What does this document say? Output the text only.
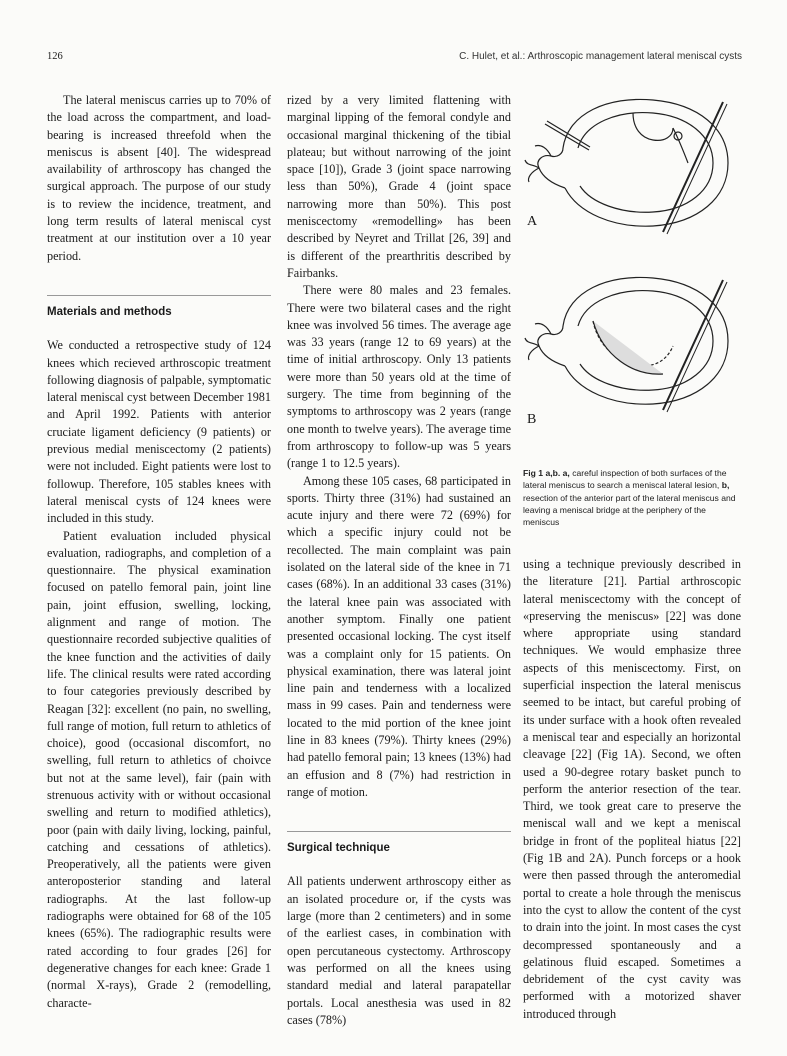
126	C. Hulet, et al.: Arthroscopic management lateral meniscal cysts

The lateral meniscus carries up to 70% of the load across the compartment, and load-bearing is increased threefold when the meniscus is absent [40]. The widespread availability of arthroscopy has changed the surgical approach. The purpose of our study is to review the incidence, treatment, and long term results of lateral meniscal cyst treatment at our institution over a 10 year period.

Materials and methods

We conducted a retrospective study of 124 knees which recieved arthroscopic treatment following diagnosis of palpable, symptomatic lateral meniscal cyst between December 1981 and April 1992. Patients with anterior cruciate ligament deficiency (9 patients) or previous medial meniscectomy (2 patients) were not included. Eight patients were lost to followup. Therefore, 105 stables knees with lateral meniscal cysts of 124 knees were included in this study.

Patient evaluation included physical evaluation, radiographs, and completion of a questionnaire. The physical examination focused on patello femoral pain, joint line pain, joint effusion, swelling, locking, alignment and range of motion. The questionnaire recorded subjective qualities of the knee function and the activities of daily life. The clinical results were rated according to four categories previously described by Reagan [32]: excellent (no pain, no swelling, full range of motion, full return to athletics of choice), good (occasional discomfort, no swelling, full return to athletics of choivce but not at the same level), fair (pain with strenuous activity with or without occasional swelling and return to modified athletics), poor (pain with daily living, locking, painful, catching and cessations of athletics). Preoperatively, all the patients were given anteroposterior standing and lateral radiographs. At the last follow-up radiographs were obtained for 68 of the 105 knees (65%). The radiographic results were rated according to four grades [26] for degenerative changes for each knee: Grade 1 (normal X-rays), Grade 2 (remodelling, characte-

rized by a very limited flattening with marginal lipping of the femoral condyle and occasional marginal thickening of the tibial plateau; but without narrowing of the joint space [10]), Grade 3 (joint space narrowing less than 50%), Grade 4 (joint space narrowing more than 50%). This post meniscectomy «remodelling» has been described by Neyret and Trillat [26, 39] and is different of the prearthritis described by Fairbanks.

There were 80 males and 23 females. There were two bilateral cases and the right knee was involved 56 times. The average age was 33 years (range 12 to 69 years) at the time of initial arthroscopy. Only 13 patients were more than 50 years old at the time of surgery. The time from beginning of the symptoms to arthroscopy was 2 years (range one month to twelve years). The average time from arthroscopy to follow-up was 5 years (range 1 to 12.5 years).

Among these 105 cases, 68 participated in sports. Thirty three (31%) had sustained an acute injury and there were 72 (69%) for which a specific injury could not be recollected. The main complaint was pain isolated on the lateral side of the knee in 71 cases (68%). In an additional 33 cases (31%) the lateral knee pain was associated with another symptom. Finally one patient presented occasional locking. The cyst itself was a complaint only for 15 patients. On physical examination, there was lateral joint line pain and tenderness with a localized mass in 99 cases. Pain and tenderness were located to the mid portion of the knee joint line in 83 knees (79%). Thirty knees (29%) had patello femoral pain; 13 knees (13%) had an effusion and 8 (7%) had restriction in range of motion.

Surgical technique

All patients underwent arthroscopy either as an isolated procedure or, if the cysts was large (more than 2 centimeters) and in some of the earliest cases, in combination with open percutaneous cystectomy. Arthroscopy was performed on all the knees using standard medial and lateral parapatellar portals. Local anesthesia was used in 82 cases (78%)

A
B
Fig 1 a,b. a, careful inspection of both surfaces of the lateral meniscus to search a meniscal lateral lesion, b, resection of the anterior part of the lateral meniscus and leaving a meniscal bridge at the periphery of the meniscus

using a technique previously described in the literature [21]. Partial arthroscopic lateral meniscectomy with the concept of «preserving the meniscus» [22] was done where appropriate using standard techniques. We would emphasize three aspects of this meniscectomy. First, on superficial inspection the lateral meniscus seemed to be intact, but careful probing of its under surface with a hook often revealed a meniscal tear and especially an horizontal cleavage [22] (Fig 1A). Second, we often used a 90-degree rotary basket punch to perform the anterior resection of the tear. Third, we took great care to preserve the meniscal wall and we kept a meniscal bridge in front of the popliteal hiatus [22] (Fig 1B and 2A). Punch forceps or a hook were then passed through the anteromedial portal to create a hole through the meniscus into the cyst to allow the content of the cyst to drain into the joint. In most cases the cyst decompressed spontaneously and a gelatinous fluid escaped. Sometimes a debridement of the cyst cavity was performed with a motorized shaver introduced through
